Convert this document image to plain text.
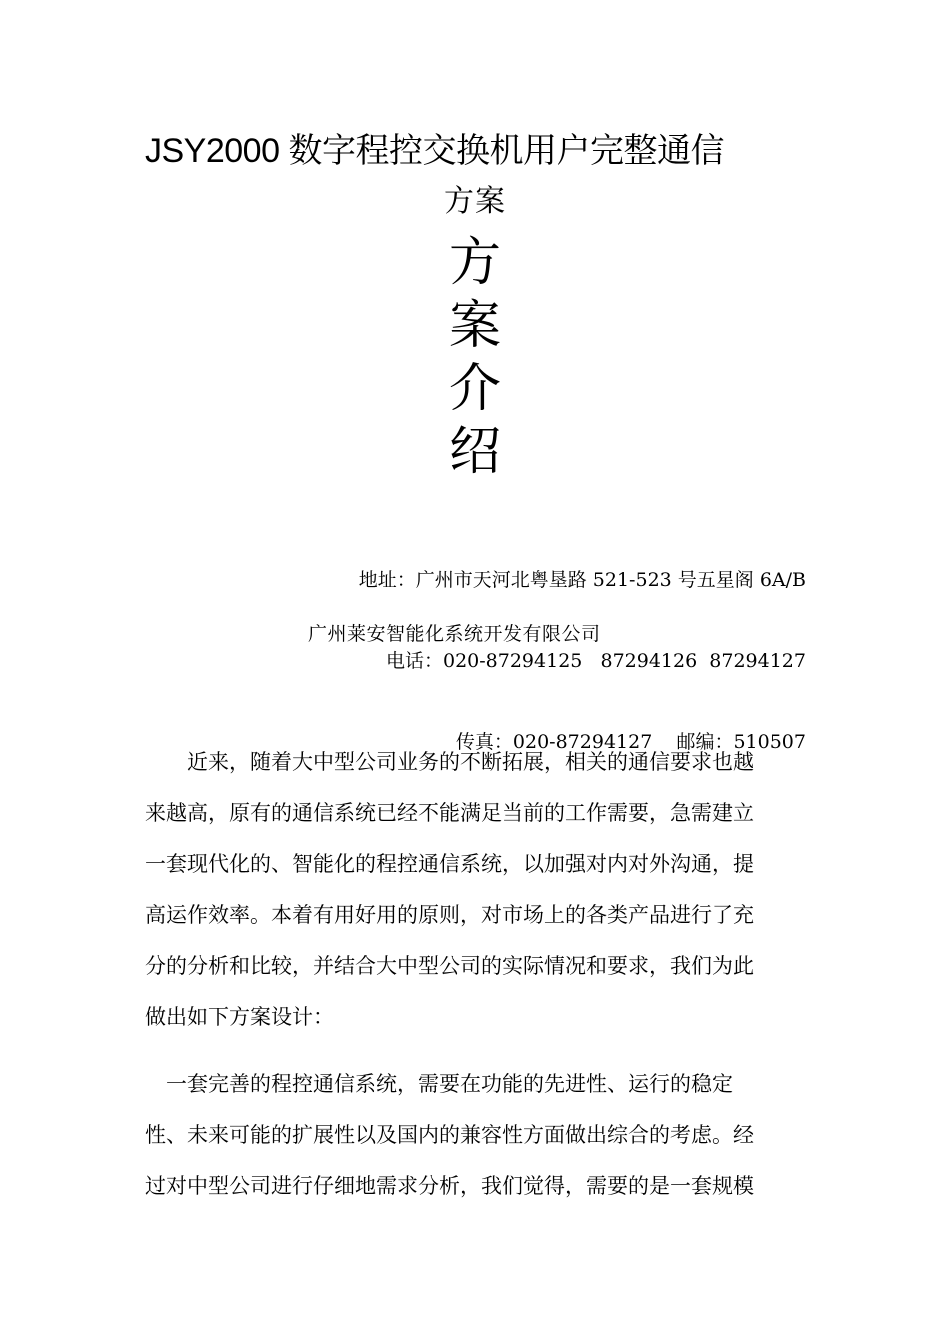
JSY2000 数字程控交换机用户完整通信
方案
方
案
介
绍

地址：广州市天河北粤垦路 521-523 号五星阁 6A/B

电话：020-87294125   87294126  87294127

传真：020-87294127    邮编：510507

广州莱安智能化系统开发有限公司
　　近来，随着大中型公司业务的不断拓展，相关的通信要求也越
来越高，原有的通信系统已经不能满足当前的工作需要，急需建立
一套现代化的、智能化的程控通信系统，以加强对内对外沟通，提
高运作效率。本着有用好用的原则，对市场上的各类产品进行了充
分的分析和比较，并结合大中型公司的实际情况和要求，我们为此
做出如下方案设计：
　一套完善的程控通信系统，需要在功能的先进性、运行的稳定
性、未来可能的扩展性以及国内的兼容性方面做出综合的考虑。经
过对中型公司进行仔细地需求分析，我们觉得，需要的是一套规模
